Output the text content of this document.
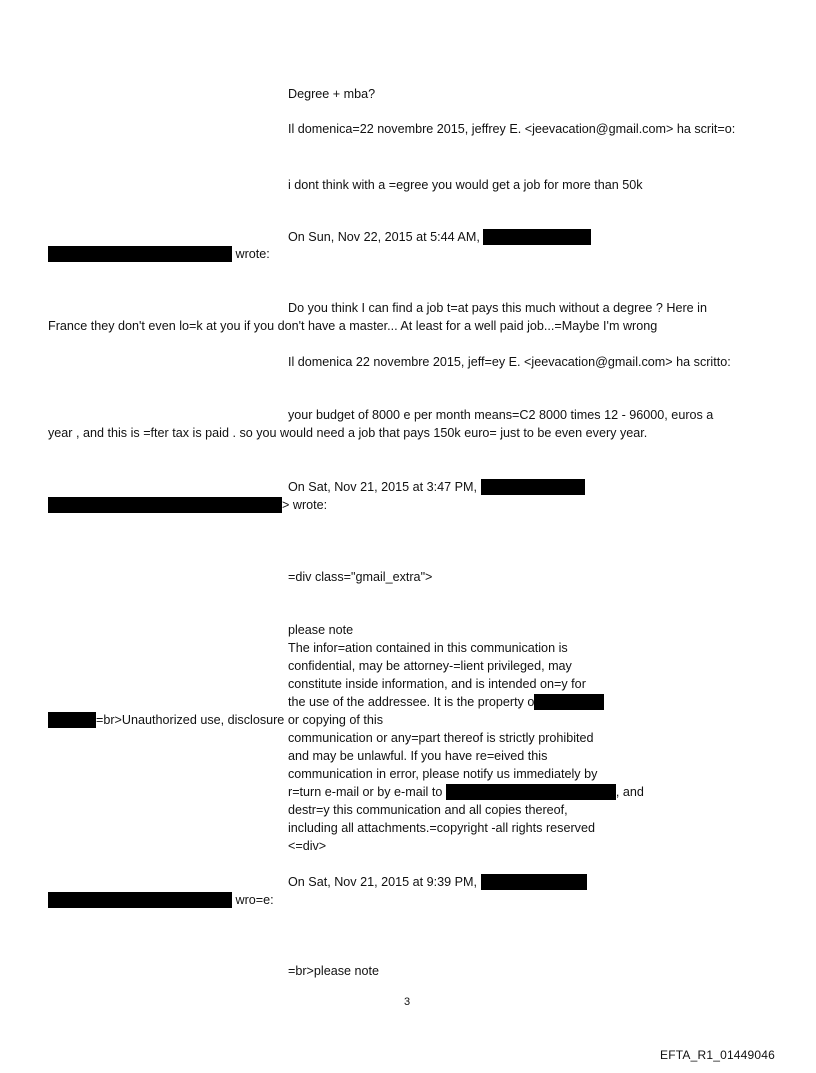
Degree + mba?
Il domenica=22 novembre 2015, jeffrey E. <jeevacation@gmail.com> ha scrit=o:
i dont think with a =egree you would get a job for more than 50k
On Sun, Nov 22, 2015 at 5:44 AM,
wrote:
Do you think I can find a job t=at pays this much without a degree ? Here in
France they don't even lo=k at you if you don't have a master... At least for a well paid job...=Maybe I'm wrong
Il domenica 22 novembre 2015, jeff=ey E. <jeevacation@gmail.com> ha scritto:
your budget of 8000 e per month means=C2 8000 times 12 - 96000, euros a
year , and this is =fter tax is paid . so you would need a job that pays 150k euro= just to be even every year.
On Sat, Nov 21, 2015 at 3:47 PM,
> wrote:
=div class="gmail_extra">
please note
The infor=ation contained in this communication is
confidential, may be attorney-=lient privileged, may
constitute inside information, and is intended on=y for
the use of the addressee. It is the property o
=br>Unauthorized use, disclosure or copying of this
communication or any=part thereof is strictly prohibited
and may be unlawful. If you have re=eived this
communication in error, please notify us immediately by
r=turn e-mail or by e-mail to	, and
destr=y this communication and all copies thereof,
including all attachments.=copyright -all rights reserved
<=div>
On Sat, Nov 21, 2015 at 9:39 PM,
wro=e:
=br>please note
3
EFTA_R1_01449046
